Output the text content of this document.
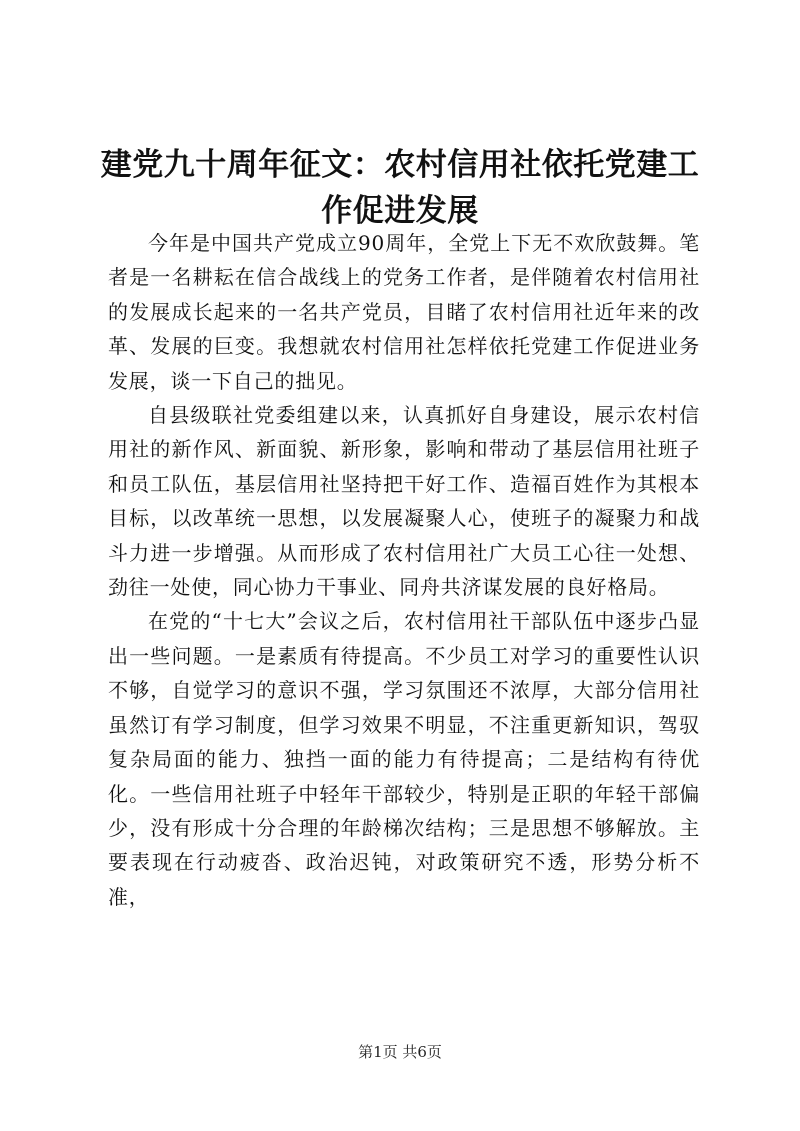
建党九十周年征文：农村信用社依托党建工作促进发展

今年是中国共产党成立90周年，全党上下无不欢欣鼓舞。笔者是一名耕耘在信合战线上的党务工作者，是伴随着农村信用社的发展成长起来的一名共产党员，目睹了农村信用社近年来的改革、发展的巨变。我想就农村信用社怎样依托党建工作促进业务发展，谈一下自己的拙见。

自县级联社党委组建以来，认真抓好自身建设，展示农村信用社的新作风、新面貌、新形象，影响和带动了基层信用社班子和员工队伍，基层信用社坚持把干好工作、造福百姓作为其根本目标，以改革统一思想，以发展凝聚人心，使班子的凝聚力和战斗力进一步增强。从而形成了农村信用社广大员工心往一处想、劲往一处使，同心协力干事业、同舟共济谋发展的良好格局。

在党的“十七大”会议之后，农村信用社干部队伍中逐步凸显出一些问题。一是素质有待提高。不少员工对学习的重要性认识不够，自觉学习的意识不强，学习氛围还不浓厚，大部分信用社虽然订有学习制度，但学习效果不明显，不注重更新知识，驾驭复杂局面的能力、独挡一面的能力有待提高；二是结构有待优化。一些信用社班子中轻年干部较少，特别是正职的年轻干部偏少，没有形成十分合理的年龄梯次结构；三是思想不够解放。主要表现在行动疲沓、政治迟钝，对政策研究不透，形势分析不准，

第1页 共6页
